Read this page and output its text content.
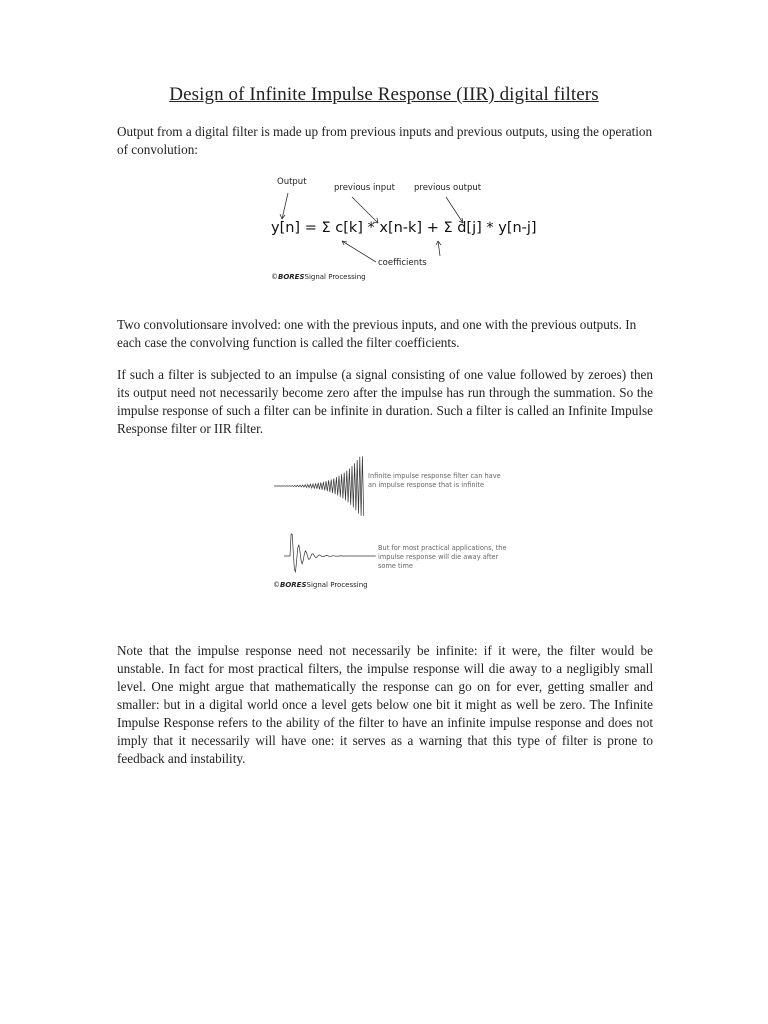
Design of Infinite Impulse Response (IIR) digital filters

Output from a digital filter is made up from previous inputs and previous outputs, using the operation of convolution:

Output
previous input previous output
y[n] = Σ c[k] * x[n-k] + Σ d[j] * y[n-j]
coefficients
©BORESSignal Processing

Two convolutionsare involved: one with the previous inputs, and one with the previous outputs. In each case the convolving function is called the filter coefficients.

If such a filter is subjected to an impulse (a signal consisting of one value followed by zeroes) then its output need not necessarily become zero after the impulse has run through the summation. So the impulse response of such a filter can be infinite in duration. Such a filter is called an Infinite Impulse Response filter or IIR filter.

Infinite impulse response filter can have an impulse response that is infinite
But for most practical applications, the impulse response will die away after some time
©BORESSignal Processing

Note that the impulse response need not necessarily be infinite: if it were, the filter would be unstable. In fact for most practical filters, the impulse response will die away to a negligibly small level. One might argue that mathematically the response can go on for ever, getting smaller and smaller: but in a digital world once a level gets below one bit it might as well be zero. The Infinite Impulse Response refers to the ability of the filter to have an infinite impulse response and does not imply that it necessarily will have one: it serves as a warning that this type of filter is prone to feedback and instability.
